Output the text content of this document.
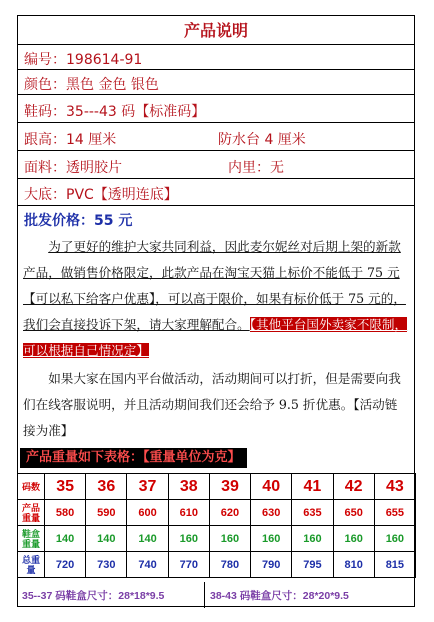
产品说明
编号：198614-91
颜色：黑色 金色 银色
鞋码：35---43 码【标准码】
跟高：14 厘米	防水台 4 厘米
面料：透明胶片	内里：无
大底：PVC【透明连底】
批发价格：55 元

为了更好的维护大家共同利益，因此麦尔妮丝对后期上架的新款产品，做销售价格限定，此款产品在淘宝天猫上标价不能低于 75 元【可以私下给客户优惠】，可以高于限价，如果有标价低于 75 元的，我们会直接投诉下架，请大家理解配合。【其他平台国外卖家不限制，可以根据自己情况定】

如果大家在国内平台做活动，活动期间可以打折，但是需要向我们在线客服说明，并且活动期间我们还会给予 9.5 折优惠。【活动链接为准】

产品重量如下表格：【重量单位为克】
码数	35	36	37	38	39	40	41	42	43
产品重量	580	590	600	610	620	630	635	650	655
鞋盒重量	140	140	140	160	160	160	160	160	160
总重量	720	730	740	770	780	790	795	810	815
35--37 码鞋盒尺寸：28*18*9.5	38-43 码鞋盒尺寸：28*20*9.5
